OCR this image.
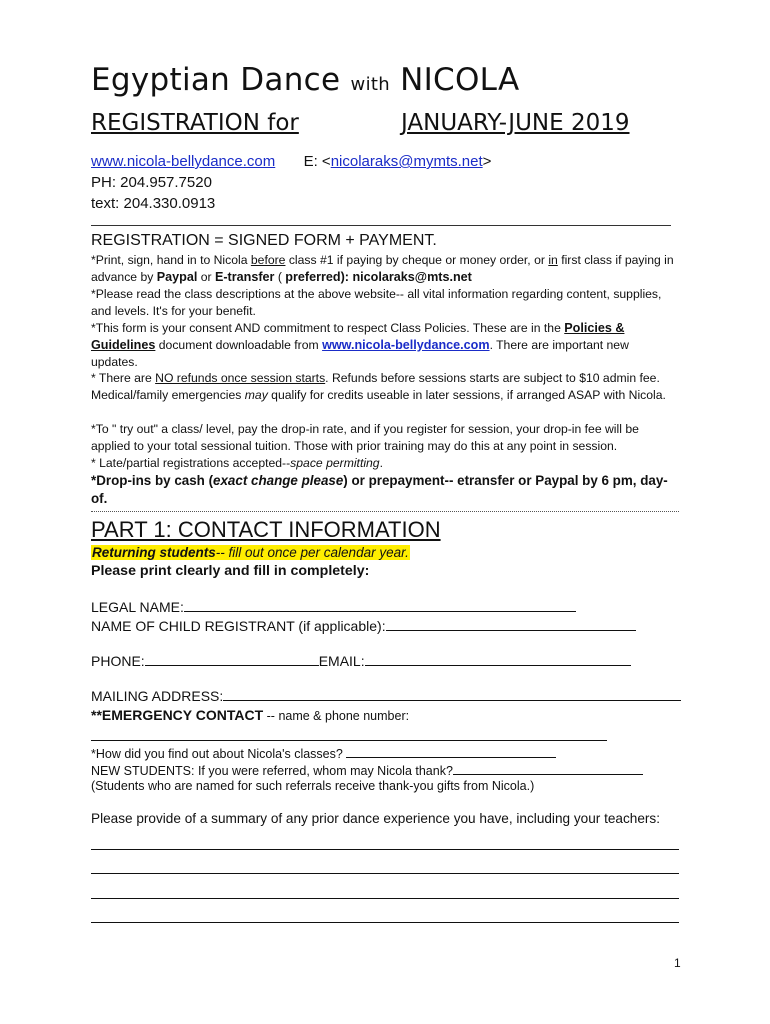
Egyptian Dance with NICOLA
REGISTRATION for	JANUARY-JUNE 2019
www.nicola-bellydance.com E: <nicolaraks@mymts.net>
PH: 204.957.7520
text: 204.330.0913
REGISTRATION = SIGNED FORM + PAYMENT.
*Print, sign, hand in to Nicola before class #1 if paying by cheque or money order, or in first class if paying in advance by Paypal or E-transfer ( preferred): nicolaraks@mts.net
*Please read the class descriptions at the above website-- all vital information regarding content, supplies, and levels. It's for your benefit.
*This form is your consent AND commitment to respect Class Policies. These are in the Policies & Guidelines document downloadable from www.nicola-bellydance.com. There are important new updates.
* There are NO refunds once session starts. Refunds before sessions starts are subject to $10 admin fee. Medical/family emergencies may qualify for credits useable in later sessions, if arranged ASAP with Nicola.
*To " try out" a class/ level, pay the drop-in rate, and if you register for session, your drop-in fee will be applied to your total sessional tuition. Those with prior training may do this at any point in session.
* Late/partial registrations accepted--space permitting.
*Drop-ins by cash (exact change please) or prepayment-- etransfer or Paypal by 6 pm, day-of.
PART 1: CONTACT INFORMATION
Returning students-- fill out once per calendar year.
Please print clearly and fill in completely:
LEGAL NAME:
NAME OF CHILD REGISTRANT (if applicable):
PHONE:	EMAIL:
MAILING ADDRESS:
**EMERGENCY CONTACT -- name & phone number:
*How did you find out about Nicola's classes?
NEW STUDENTS: If you were referred, whom may Nicola thank?
(Students who are named for such referrals receive thank-you gifts from Nicola.)
Please provide of a summary of any prior dance experience you have, including your teachers:
1
